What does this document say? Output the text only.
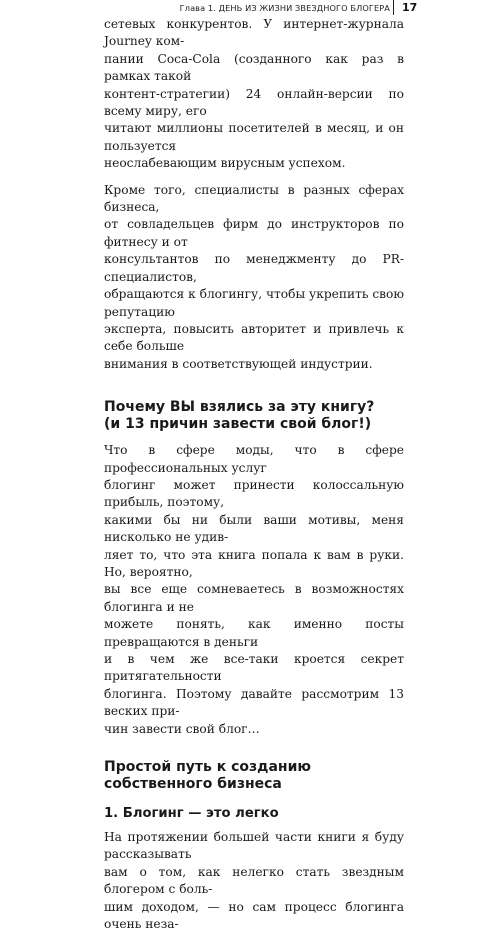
Глава 1. ДЕНЬ ИЗ ЖИЗНИ ЗВЕЗДНОГО БЛОГЕРА 17

сетевых конкурентов. У интернет-журнала Journey ком-
пании Coca-Cola (созданного как раз в рамках такой
контент-стратегии) 24 онлайн-версии по всему миру, его
читают миллионы посетителей в месяц, и он пользуется
неослабевающим вирусным успехом.

Кроме того, специалисты в разных сферах бизнеса,
от совладельцев фирм до инструкторов по фитнесу и от
консультантов по менеджменту до PR-специалистов,
обращаются к блогингу, чтобы укрепить свою репутацию
эксперта, повысить авторитет и привлечь к себе больше
внимания в соответствующей индустрии.

Почему ВЫ взялись за эту книгу?
(и 13 причин завести свой блог!)

Что в сфере моды, что в сфере профессиональных услуг
блогинг может принести колоссальную прибыль, поэтому,
какими бы ни были ваши мотивы, меня нисколько не удив-
ляет то, что эта книга попала к вам в руки. Но, вероятно,
вы все еще сомневаетесь в возможностях блогинга и не
можете понять, как именно посты превращаются в деньги
и в чем же все-таки кроется секрет притягательности
блогинга. Поэтому давайте рассмотрим 13 веских при-
чин завести свой блог…

Простой путь к созданию
собственного бизнеса
1. Блогинг — это легко

На протяжении большей части книги я буду рассказывать
вам о том, как нелегко стать звездным блогером с боль-
шим доходом, — но сам процесс блогинга очень неза-
